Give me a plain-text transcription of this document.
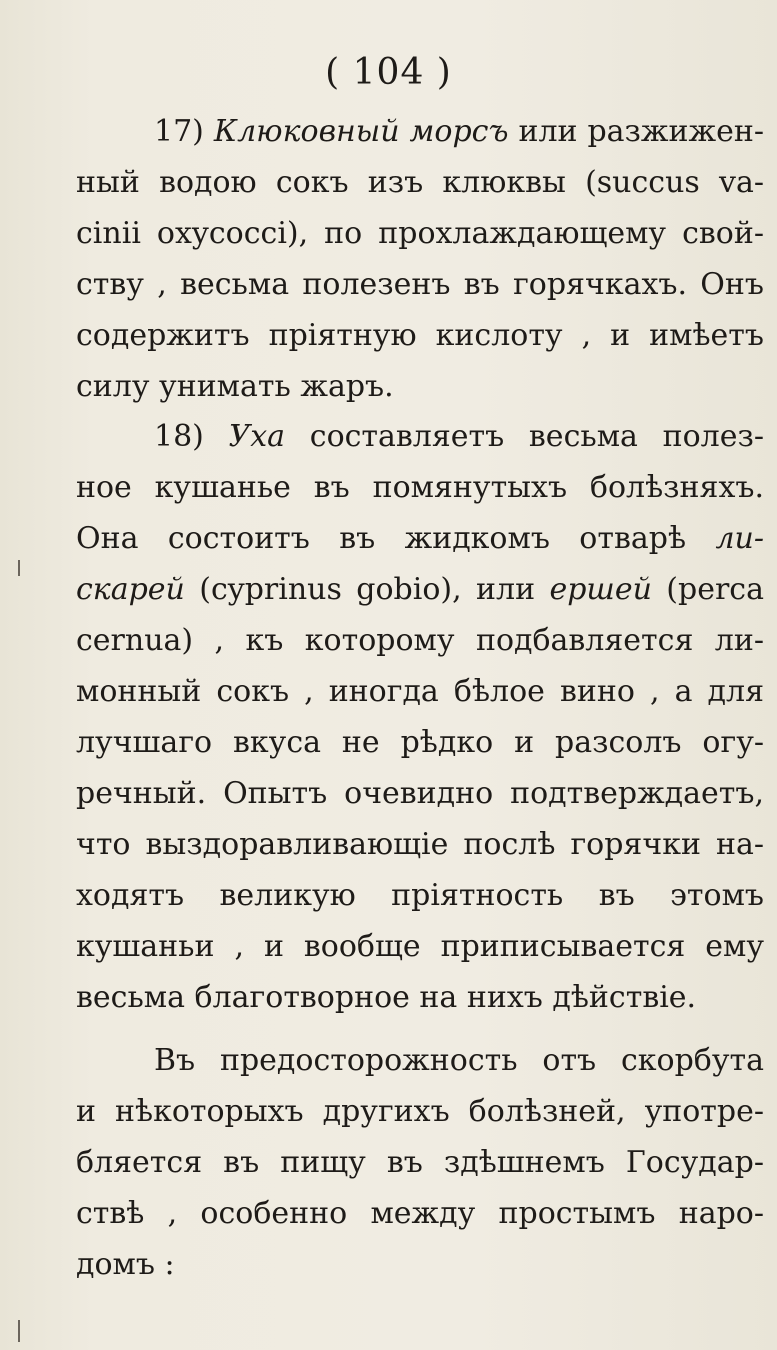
( 104 )
17) Клюковный морсъ или разжижен-
ный водою сокъ изъ клюквы (succus va-
cinii oxycocci), по прохлаждающему свой-
ству , весьма полезенъ въ горячкахъ. Онъ
содержитъ прiятную кислоту , и имѣетъ
силу унимать жаръ.
18) Уха составляетъ весьма полез-
ное кушанье въ помянутыхъ болѣзняхъ.
Она состоитъ въ жидкомъ отварѣ ли-
скарей (cyprinus gobio), или ершей (perca
cernua) , къ которому подбавляется ли-
монный сокъ , иногда бѣлое вино , а для
лучшаго вкуса не рѣдко и разсолъ огу-
речный. Опытъ очевидно подтверждаетъ,
что выздоравливающiе послѣ горячки на-
ходятъ великую прiятность въ этомъ
кушаньи , и вообще приписывается ему
весьма благотворное на нихъ дѣйствiе.
Въ предосторожность отъ скорбута
и нѣкоторыхъ другихъ болѣзней, употре-
бляется въ пищу въ здѣшнемъ Государ-
ствѣ , особенно между простымъ наро-
домъ :
